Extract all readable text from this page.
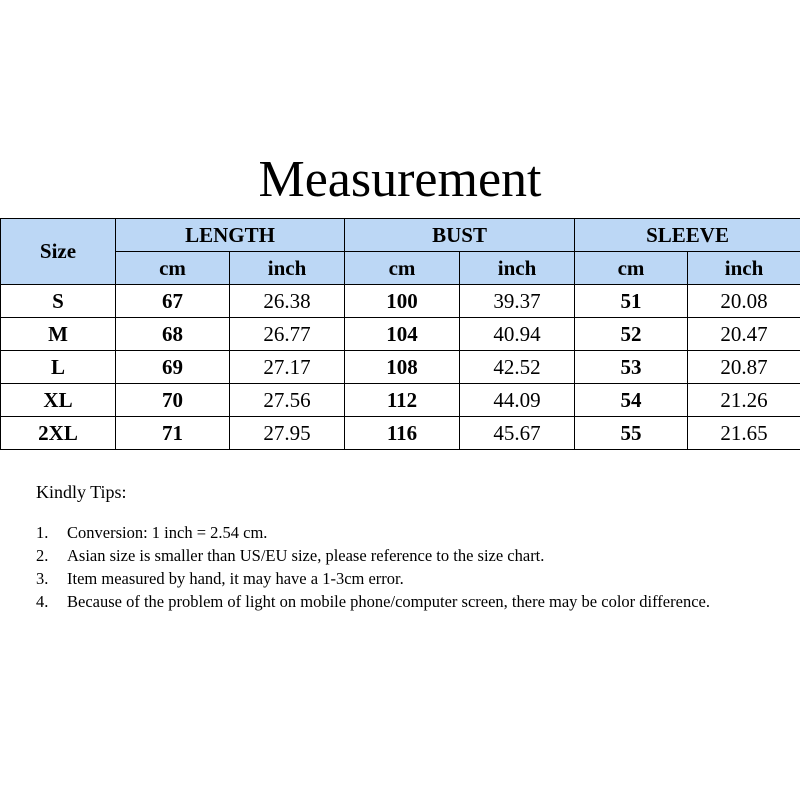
Measurement
Size	LENGTH		BUST		SLEEVE	
	cm	inch	cm	inch	cm	inch
S	67	26.38	100	39.37	51	20.08
M	68	26.77	104	40.94	52	20.47
L	69	27.17	108	42.52	53	20.87
XL	70	27.56	112	44.09	54	21.26
2XL	71	27.95	116	45.67	55	21.65
Kindly Tips:
1.	Conversion: 1 inch = 2.54 cm.
2.	Asian size is smaller than US/EU size, please reference to the size chart.
3.	Item measured by hand, it may have a 1-3cm error.
4.	Because of the problem of light on mobile phone/computer screen, there may be color difference.
